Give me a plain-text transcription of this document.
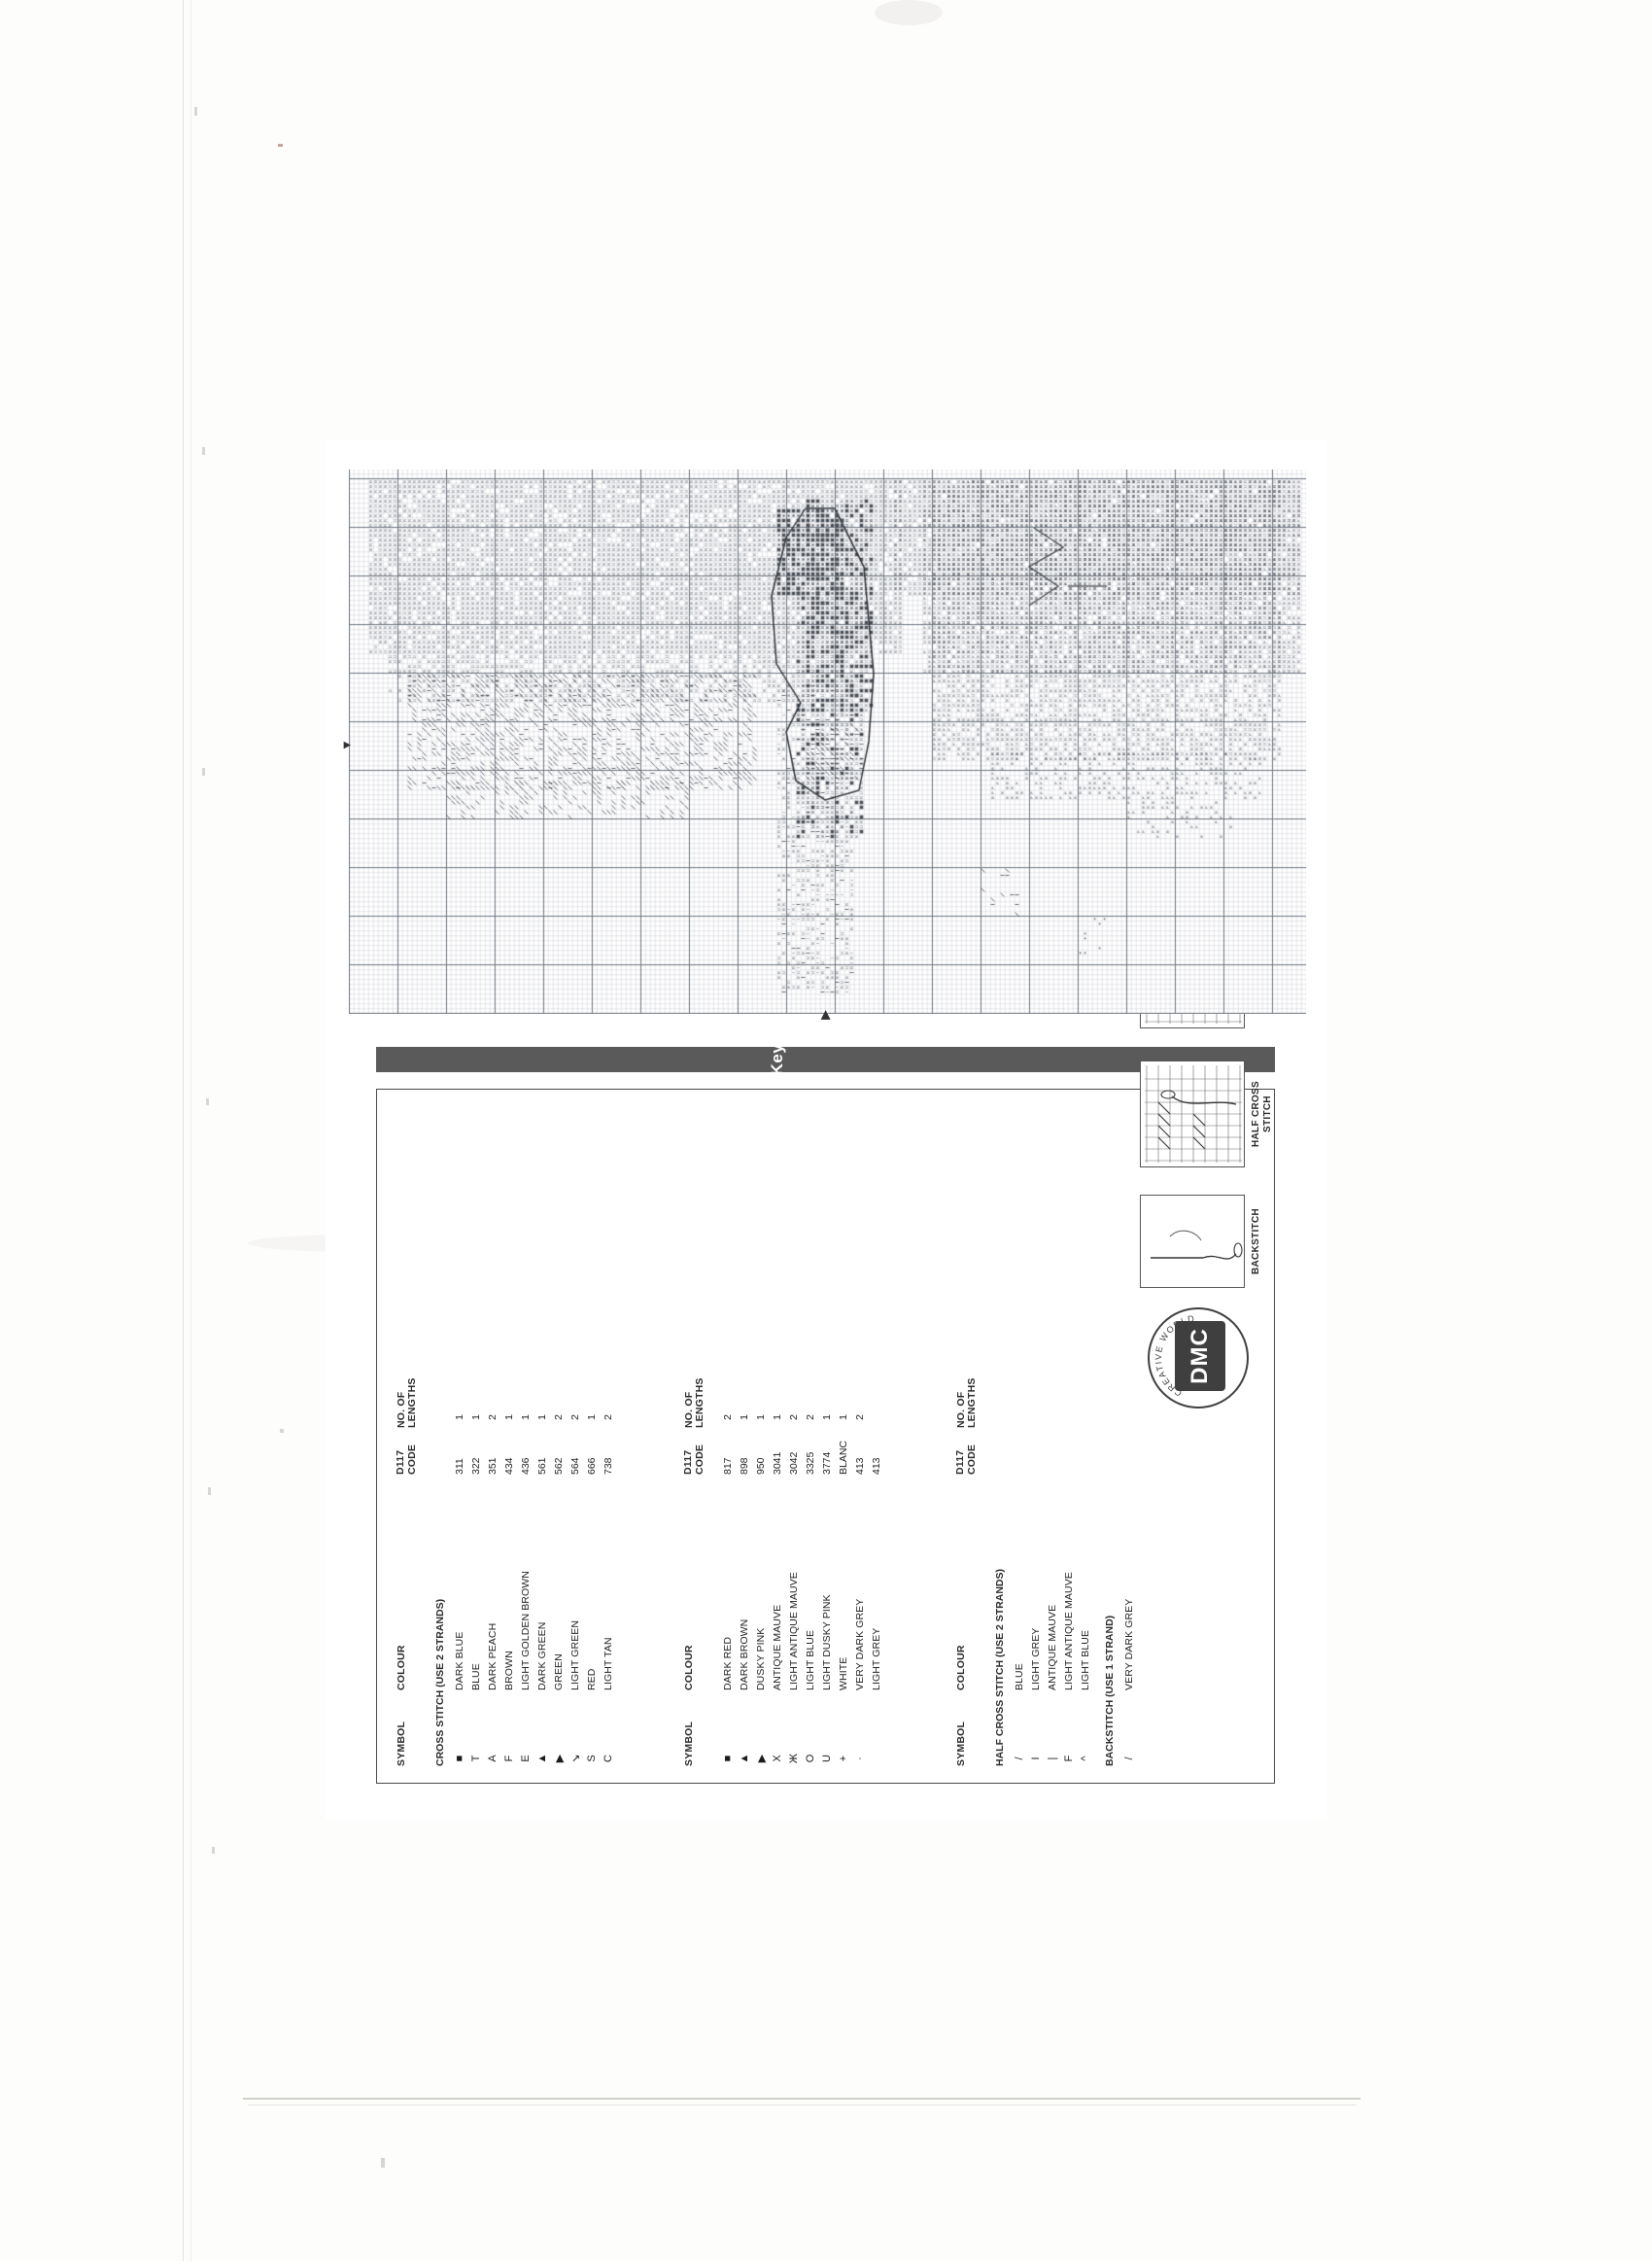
Key
SYMBOL
COLOUR
D117 CODE
NO. OF LENGTHS
CROSS STITCH (USE 2 STRANDS) ■
DARK BLUE
311
1
T
BLUE
322
1
A
DARK PEACH
351
2
F
BROWN
434
1
E
LIGHT GOLDEN BROWN
436
1
▲
DARK GREEN
561
1
▶
GREEN
562
2
↘
LIGHT GREEN
564
2
S
RED
666
1
C
LIGHT TAN
738
2
SYMBOL
COLOUR
D117 CODE
NO. OF LENGTHS
■
DARK RED
817
2
▲
DARK BROWN
898
1
▶
DUSKY PINK
950
1
X
ANTIQUE MAUVE
3041
1
Ж
LIGHT ANTIQUE MAUVE
3042
2
O
LIGHT BLUE
3325
2
U
LIGHT DUSKY PINK
3774
1
+
WHITE
BLANC
1
·
VERY DARK GREY
413
2
LIGHT GREY
413
SYMBOL
COLOUR
D117 CODE
NO. OF LENGTHS
HALF CROSS STITCH (USE 2 STRANDS) /
BLUE
I
LIGHT GREY
|
ANTIQUE MAUVE
F
LIGHT ANTIQUE MAUVE
^
LIGHT BLUE BACKSTITCH (USE 1 STRAND) /
VERY DARK GREY
HALF CROSS
STITCH
BACKSTITCH
DMC
CREATIVE WORLD
▶
▼
